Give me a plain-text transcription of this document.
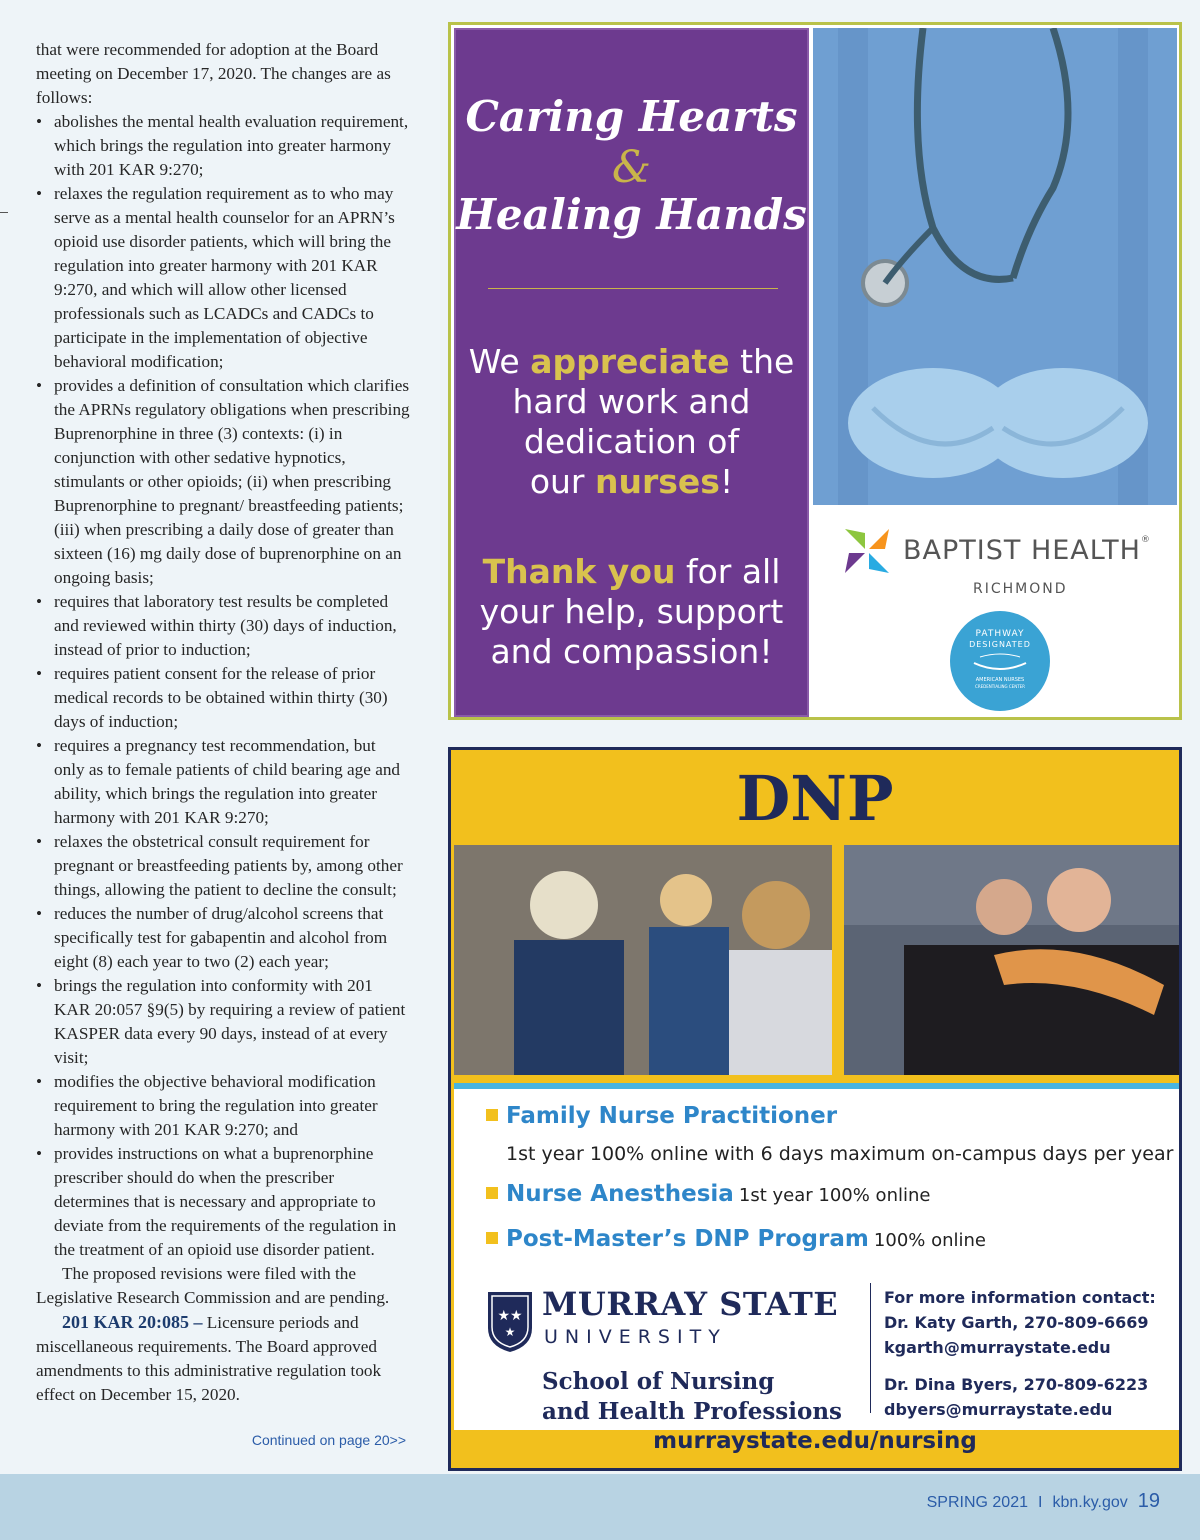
that were recommended for adoption at the Board meeting on December 17, 2020. The changes are as follows:

• abolishes the mental health evaluation requirement, which brings the regulation into greater harmony with 201 KAR 9:270;
• relaxes the regulation requirement as to who may serve as a mental health counselor for an APRN’s opioid use disorder patients, which will bring the regulation into greater harmony with 201 KAR 9:270, and which will allow other licensed professionals such as LCADCs and CADCs to participate in the implementation of objective behavioral modification;
• provides a definition of consultation which clarifies the APRNs regulatory obligations when prescribing Buprenorphine in three (3) contexts: (i) in conjunction with other sedative hypnotics, stimulants or other opioids; (ii) when prescribing Buprenorphine to pregnant/ breastfeeding patients; (iii) when prescribing a daily dose of greater than sixteen (16) mg daily dose of buprenorphine on an ongoing basis;
• requires that laboratory test results be completed and reviewed within thirty (30) days of induction, instead of prior to induction;
• requires patient consent for the release of prior medical records to be obtained within thirty (30) days of induction;
• requires a pregnancy test recommendation, but only as to female patients of child bearing age and ability, which brings the regulation into greater harmony with 201 KAR 9:270;
• relaxes the obstetrical consult requirement for pregnant or breastfeeding patients by, among other things, allowing the patient to decline the consult;
• reduces the number of drug/alcohol screens that specifically test for gabapentin and alcohol from eight (8) each year to two (2) each year;
• brings the regulation into conformity with 201 KAR 20:057 §9(5) by requiring a review of patient KASPER data every 90 days, instead of at every visit;
• modifies the objective behavioral modification requirement to bring the regulation into greater harmony with 201 KAR 9:270; and
• provides instructions on what a buprenorphine prescriber should do when the prescriber determines that is necessary and appropriate to deviate from the requirements of the regulation in the treatment of an opioid use disorder patient.

The proposed revisions were filed with the Legislative Research Commission and are pending.

201 KAR 20:085 – Licensure periods and miscellaneous requirements. The Board approved amendments to this administrative regulation took effect on December 15, 2020.

Continued on page 20>>
Caring Hearts
&
Healing Hands
We appreciate the
hard work and
dedication of
our nurses!
Thank you for all
your help, support
and compassion!
BAPTIST HEALTH®
RICHMOND
PATHWAY
DESIGNATED
AMERICAN NURSES
CREDENTIALING CENTER
DNP
Family Nurse Practitioner
1st year 100% online with 6 days maximum on-campus days per year
Nurse Anesthesia 1st year 100% online
Post-Master’s DNP Program 100% online
★★
★
MURRAY STATE
UNIVERSITY
School of Nursing
and Health Professions
For more information contact:
Dr. Katy Garth, 270-809-6669
kgarth@murraystate.edu
Dr. Dina Byers, 270-809-6223
dbyers@murraystate.edu
murraystate.edu/nursing
SPRING 2021 I kbn.ky.gov 19
